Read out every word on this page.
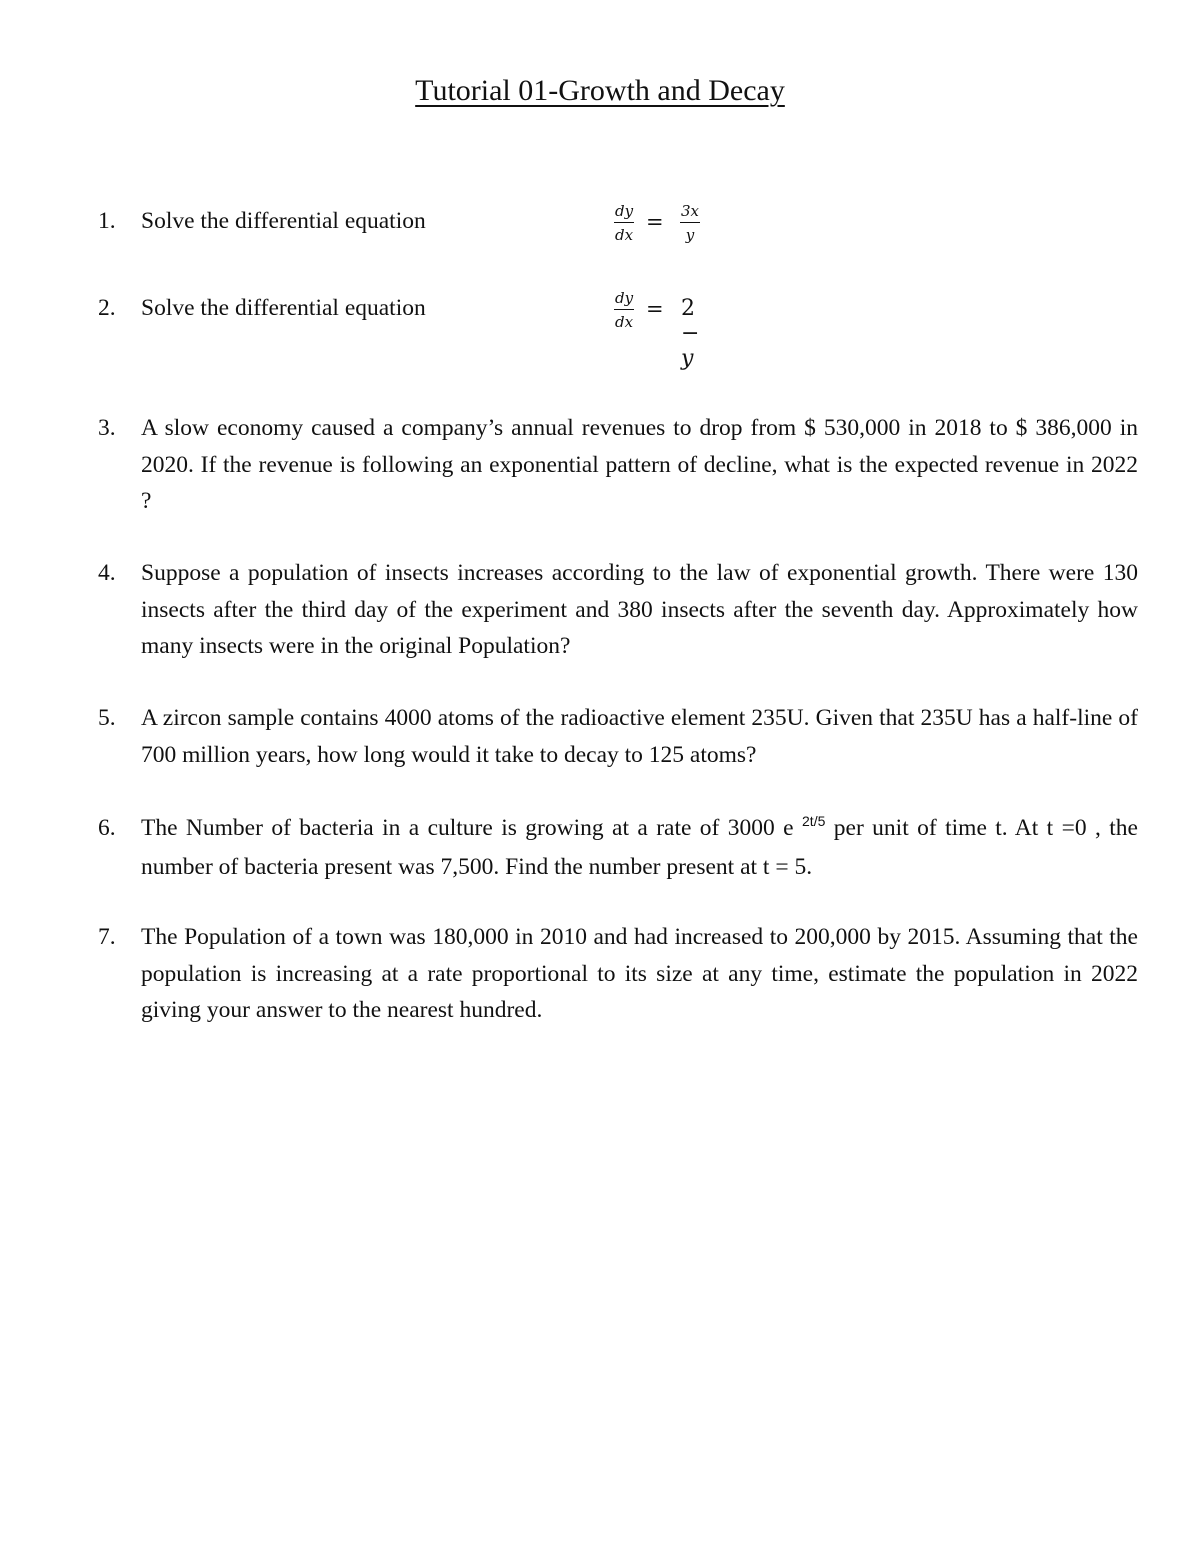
Tutorial 01-Growth and Decay
1. Solve the differential equation	$\frac{dy}{dx} = \frac{3x}{y}$
2. Solve the differential equation	$\frac{dy}{dx} = 2 - y$
3.	A slow economy caused a company’s annual revenues to drop from $ 530,000 in 2018 to $ 386,000 in 2020. If the revenue is following an exponential pattern of decline, what is the expected revenue in 2022 ?
4.	Suppose a population of insects increases according to the law of exponential growth. There were 130 insects after the third day of the experiment and 380 insects after the seventh day. Approximately how many insects were in the original Population?
5.	A zircon sample contains 4000 atoms of the radioactive element 235U. Given that 235U has a half-line of 700 million years, how long would it take to decay to 125 atoms?
6.	The Number of bacteria in a culture is growing at a rate of 3000 e $^{2t/5}$ per unit of time t. At t =0 , the number of bacteria present was 7,500. Find the number present at t = 5.
7.	The Population of a town was 180,000 in 2010 and had increased to 200,000 by 2015. Assuming that the population is increasing at a rate proportional to its size at any time, estimate the population in 2022 giving your answer to the nearest hundred.
